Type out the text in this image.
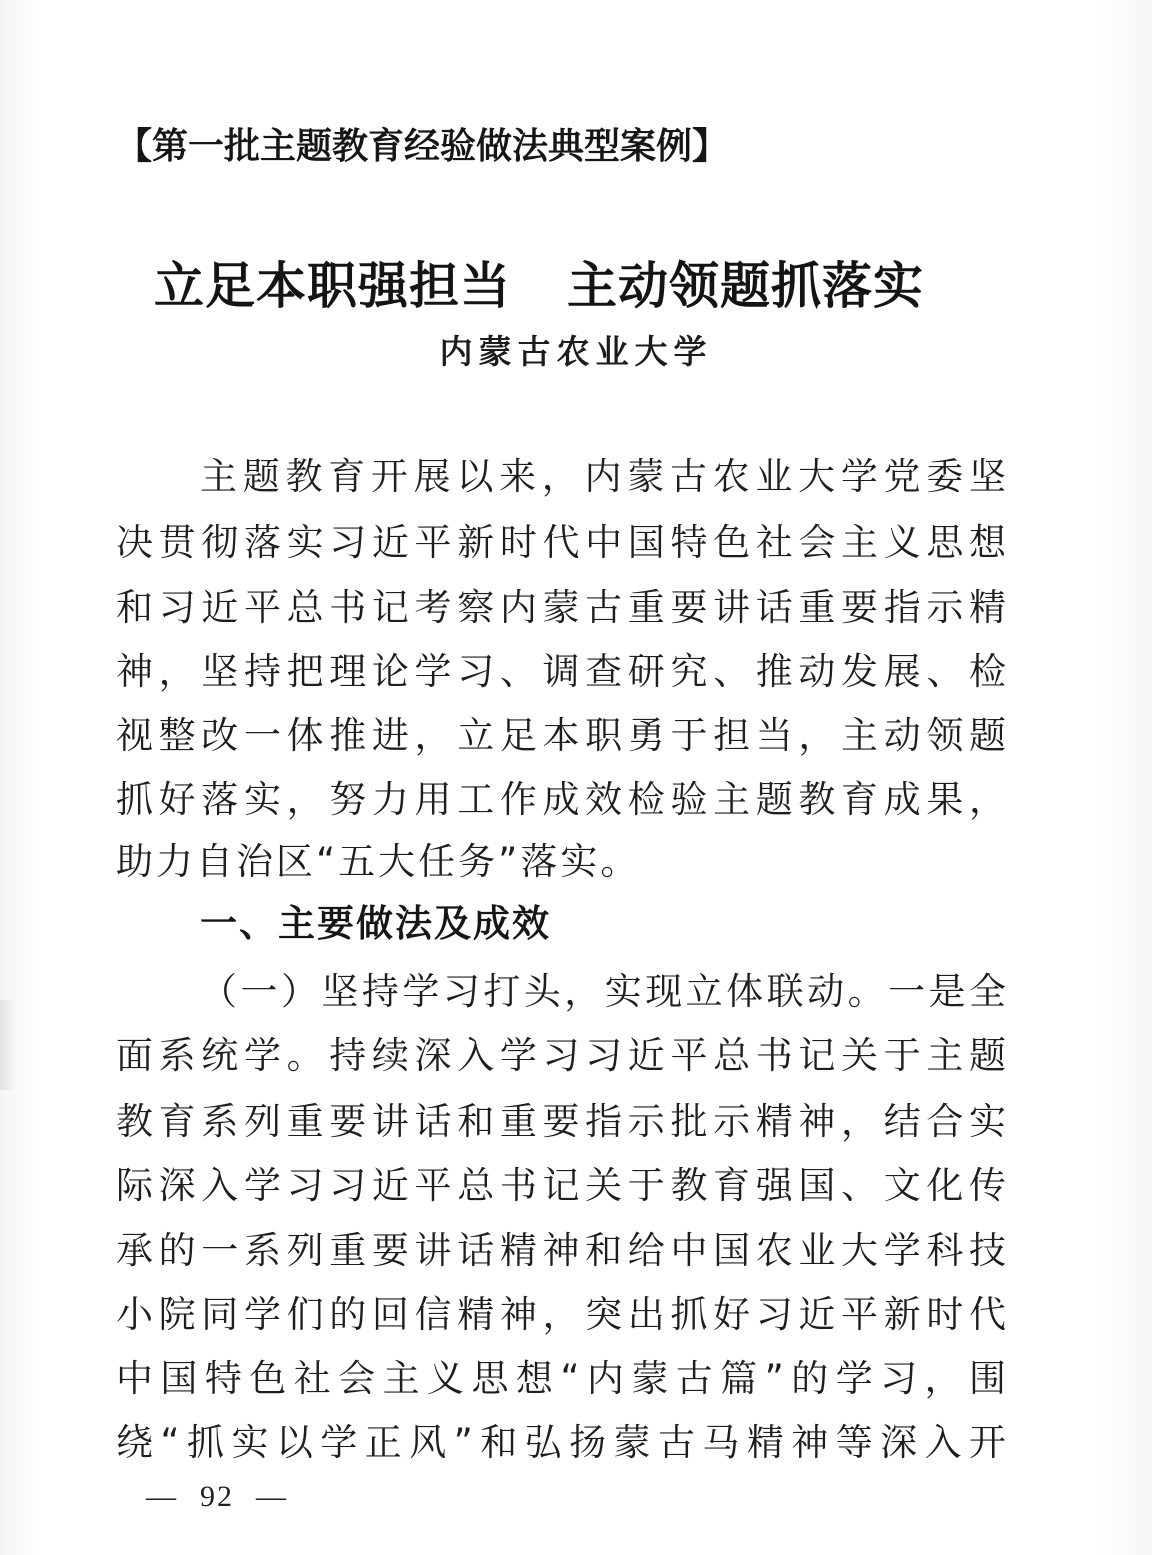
【第一批主题教育经验做法典型案例】
立足本职强担当 主动领题抓落实
内蒙古农业大学
主题教育开展以来，内蒙古农业大学党委坚
决贯彻落实习近平新时代中国特色社会主义思想
和习近平总书记考察内蒙古重要讲话重要指示精
神，坚持把理论学习、调查研究、推动发展、检
视整改一体推进，立足本职勇于担当，主动领题
抓好落实，努力用工作成效检验主题教育成果，
助力自治区“五大任务”落实。
一、主要做法及成效
（一）坚持学习打头，实现立体联动。一是全
面系统学。持续深入学习习近平总书记关于主题
教育系列重要讲话和重要指示批示精神，结合实
际深入学习习近平总书记关于教育强国、文化传
承的一系列重要讲话精神和给中国农业大学科技
小院同学们的回信精神，突出抓好习近平新时代
中国特色社会主义思想“内蒙古篇”的学习，围
绕“抓实以学正风”和弘扬蒙古马精神等深入开
— 92 —
